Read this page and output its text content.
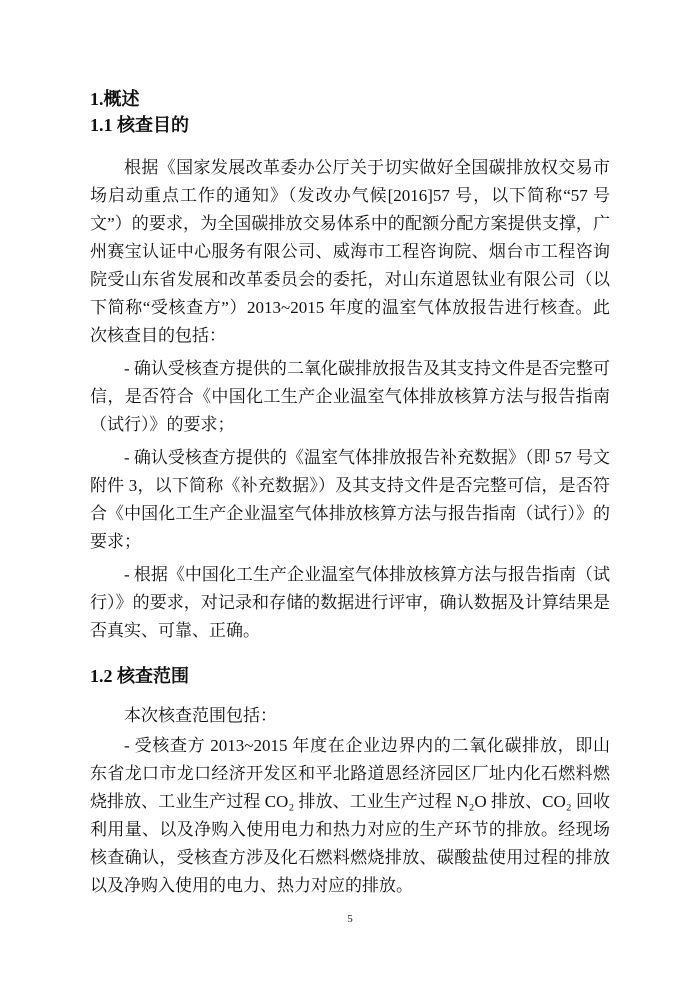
1.概述
1.1 核查目的

根据《国家发展改革委办公厅关于切实做好全国碳排放权交易市场启动重点工作的通知》（发改办气候[2016]57 号，以下简称“57 号文”）的要求，为全国碳排放交易体系中的配额分配方案提供支撑，广州赛宝认证中心服务有限公司、威海市工程咨询院、烟台市工程咨询院受山东省发展和改革委员会的委托，对山东道恩钛业有限公司（以下简称“受核查方”）2013~2015 年度的温室气体放报告进行核查。此次核查目的包括：

- 确认受核查方提供的二氧化碳排放报告及其支持文件是否完整可信，是否符合《中国化工生产企业温室气体排放核算方法与报告指南（试行）》的要求；

- 确认受核查方提供的《温室气体排放报告补充数据》（即 57 号文附件 3，以下简称《补充数据》）及其支持文件是否完整可信，是否符合《中国化工生产企业温室气体排放核算方法与报告指南（试行）》的要求；

- 根据《中国化工生产企业温室气体排放核算方法与报告指南（试行）》的要求，对记录和存储的数据进行评审，确认数据及计算结果是否真实、可靠、正确。

1.2 核查范围

本次核查范围包括：

- 受核查方 2013~2015 年度在企业边界内的二氧化碳排放，即山东省龙口市龙口经济开发区和平北路道恩经济园区厂址内化石燃料燃烧排放、工业生产过程 CO₂ 排放、工业生产过程 N₂O 排放、CO₂ 回收利用量、以及净购入使用电力和热力对应的生产环节的排放。经现场核查确认，受核查方涉及化石燃料燃烧排放、碳酸盐使用过程的排放以及净购入使用的电力、热力对应的排放。

5
